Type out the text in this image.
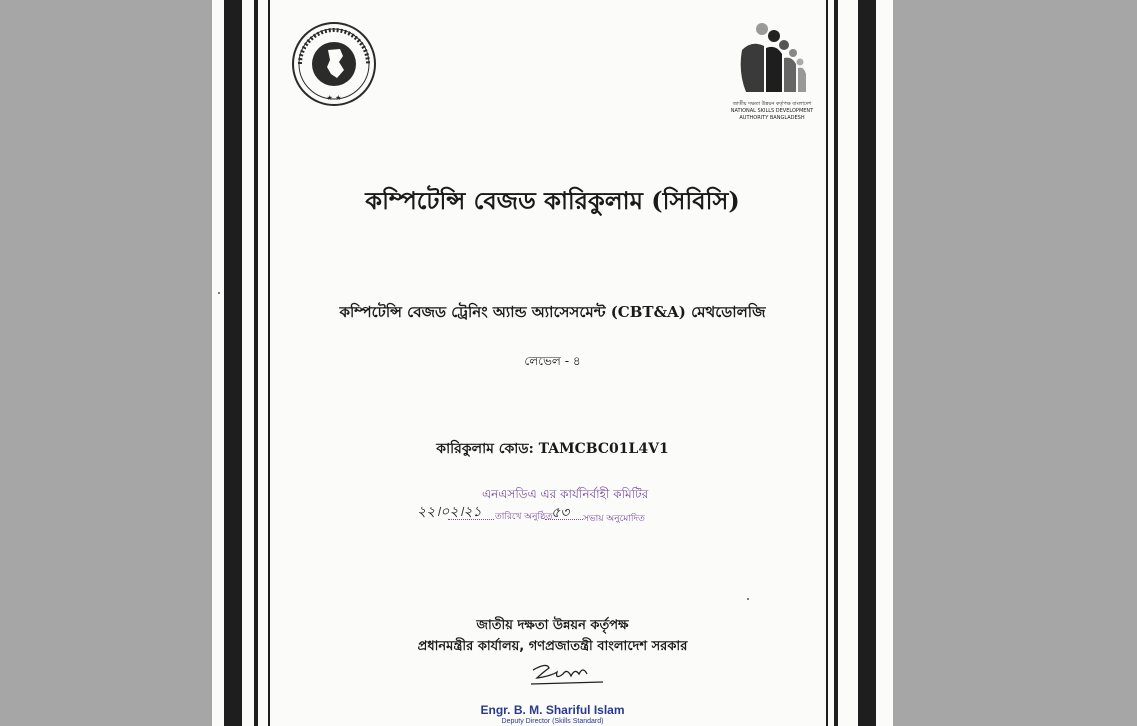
★ ★
জাতীয় দক্ষতা উন্নয়ন কর্তৃপক্ষ বাংলাদেশ NATIONAL SKILLS DEVELOPMENT AUTHORITY BANGLADESH
কম্পিটেন্সি বেজড কারিকুলাম (সিবিসি)
কম্পিটেন্সি বেজড ট্রেনিং অ্যান্ড অ্যাসেসমেন্ট (CBT&A) মেথডোলজি
লেভেল - ৪
কারিকুলাম কোড: TAMCBC01L4V1
এনএসডিএ এর কার্যনির্বাহী কমিটির
২২।০২।২১ তারিখে অনুষ্ঠিত
৫৩ সভায় অনুমোদিত
জাতীয় দক্ষতা উন্নয়ন কর্তৃপক্ষ
প্রধানমন্ত্রীর কার্যালয়, গণপ্রজাতন্ত্রী বাংলাদেশ সরকার
Engr. B. M. Shariful Islam
Deputy Director (Skills Standard)
